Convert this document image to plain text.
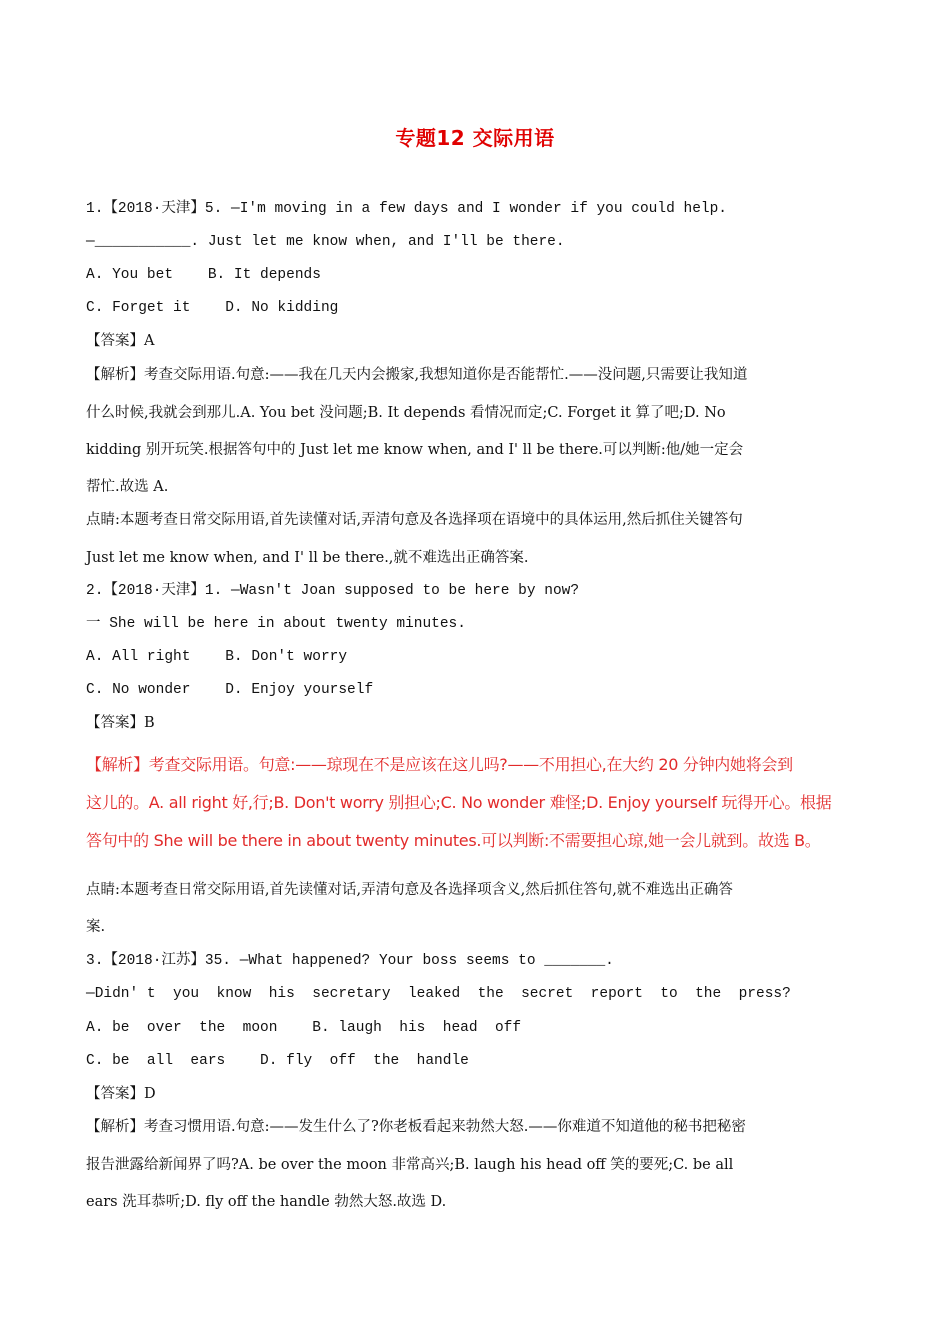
专题12 交际用语
1.【2018·天津】5. —I'm moving in a few days and I wonder if you could help.
—___________. Just let me know when, and I'll be there.
A. You bet    B. It depends
C. Forget it    D. No kidding
【答案】A
【解析】考查交际用语.句意:——我在几天内会搬家,我想知道你是否能帮忙.——没问题,只需要让我知道
什么时候,我就会到那儿.A. You bet 没问题;B. It depends 看情况而定;C. Forget it 算了吧;D. No
kidding 别开玩笑.根据答句中的 Just let me know when, and I' ll be there.可以判断:他/她一定会
帮忙.故选 A.
点睛:本题考查日常交际用语,首先读懂对话,弄清句意及各选择项在语境中的具体运用,然后抓住关键答句
Just let me know when, and I' ll be there.,就不难选出正确答案.
2.【2018·天津】1. —Wasn't Joan supposed to be here by now?
一 She will be here in about twenty minutes.
A. All right    B. Don't worry
C. No wonder    D. Enjoy yourself
【答案】B
【解析】考查交际用语。句意:——琼现在不是应该在这儿吗?——不用担心,在大约 20 分钟内她将会到
这儿的。A. all right 好,行;B. Don't worry 别担心;C. No wonder 难怪;D. Enjoy yourself 玩得开心。根据
答句中的 She will be there in about twenty minutes.可以判断:不需要担心琼,她一会儿就到。故选 B。
点睛:本题考查日常交际用语,首先读懂对话,弄清句意及各选择项含义,然后抓住答句,就不难选出正确答
案.
3.【2018·江苏】35. —What happened? Your boss seems to _______.
—Didn' t  you  know  his  secretary  leaked  the  secret  report  to  the  press?
A. be  over  the  moon    B. laugh  his  head  off
C. be  all  ears    D. fly  off  the  handle
【答案】D
【解析】考查习惯用语.句意:——发生什么了?你老板看起来勃然大怒.——你难道不知道他的秘书把秘密
报告泄露给新闻界了吗?A. be over the moon 非常高兴;B. laugh his head off 笑的要死;C. be all
ears 洗耳恭听;D. fly off the handle 勃然大怒.故选 D.
